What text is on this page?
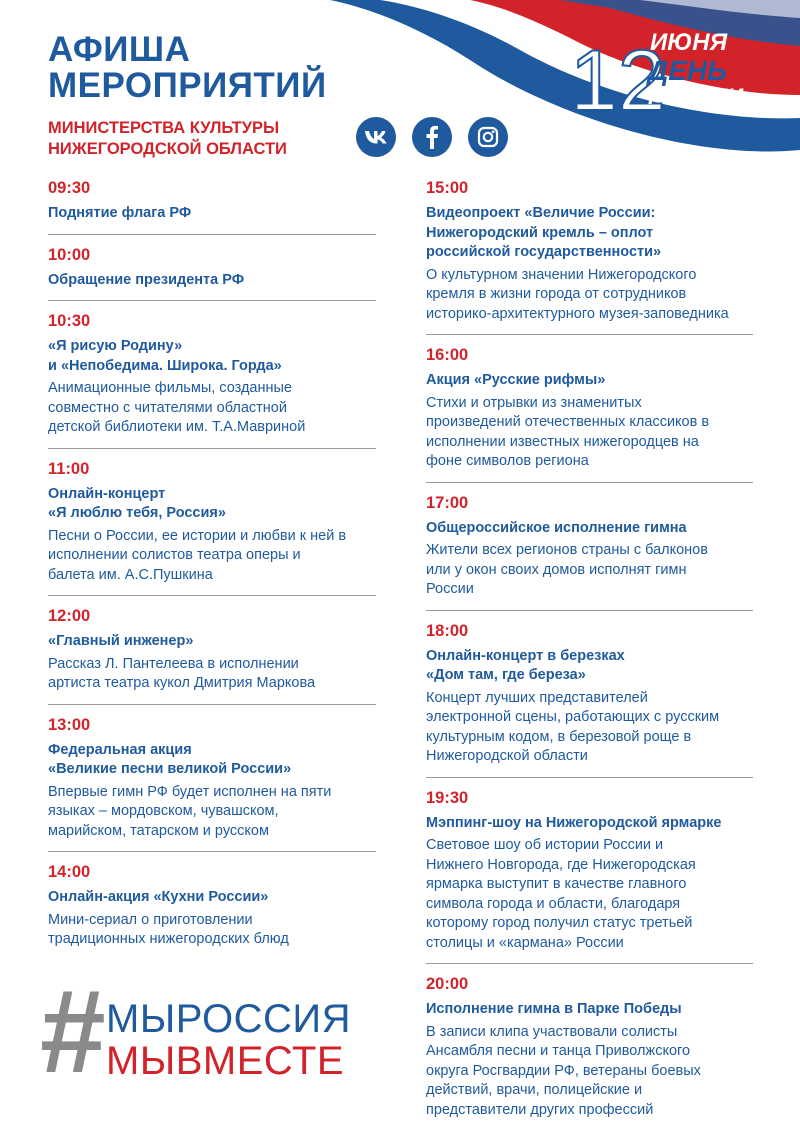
12
ИЮНЯ
ДЕНЬ
РОССИИ
АФИША
МЕРОПРИЯТИЙ
МИНИСТЕРСТВА КУЛЬТУРЫ
НИЖЕГОРОДСКОЙ ОБЛАСТИ
09:30
Поднятие флага РФ
10:00
Обращение президента РФ
10:30
«Я рисую Родину»
и «Непобедима. Широка. Горда»
Анимационные фильмы, созданные
совместно с читателями областной
детской библиотеки им. Т.А.Мавриной
11:00
Онлайн-концерт
«Я люблю тебя, Россия»
Песни о России, ее истории и любви к ней в
исполнении солистов театра оперы и
балета им. А.С.Пушкина
12:00
«Главный инженер»
Рассказ Л. Пантелеева в исполнении
артиста театра кукол Дмитрия Маркова
13:00
Федеральная акция
«Великие песни великой России»
Впервые гимн РФ будет исполнен на пяти
языках – мордовском, чувашском,
марийском, татарском и русском
14:00
Онлайн-акция «Кухни России»
Мини-сериал о приготовлении
традиционных нижегородских блюд
15:00
Видеопроект «Величие России:
Нижегородский кремль – оплот
российской государственности»
О культурном значении Нижегородского
кремля в жизни города от сотрудников
историко-архитектурного музея-заповедника
16:00
Акция «Русские рифмы»
Стихи и отрывки из знаменитых
произведений отечественных классиков в
исполнении известных нижегородцев на
фоне символов региона
17:00
Общероссийское исполнение гимна
Жители всех регионов страны с балконов
или у окон своих домов исполнят гимн
России
18:00
Онлайн-концерт в березках
«Дом там, где береза»
Концерт лучших представителей
электронной сцены, работающих с русским
культурным кодом, в березовой роще в
Нижегородской области
19:30
Мэппинг-шоу на Нижегородской ярмарке
Световое шоу об истории России и
Нижнего Новгорода, где Нижегородская
ярмарка выступит в качестве главного
символа города и области, благодаря
которому город получил статус третьей
столицы и «кармана» России
20:00
Исполнение гимна в Парке Победы
В записи клипа участвовали солисты
Ансамбля песни и танца Приволжского
округа Росгвардии РФ, ветераны боевых
действий, врачи, полицейские и
представители других профессий
# МЫРОССИЯ
МЫВМЕСТЕ
